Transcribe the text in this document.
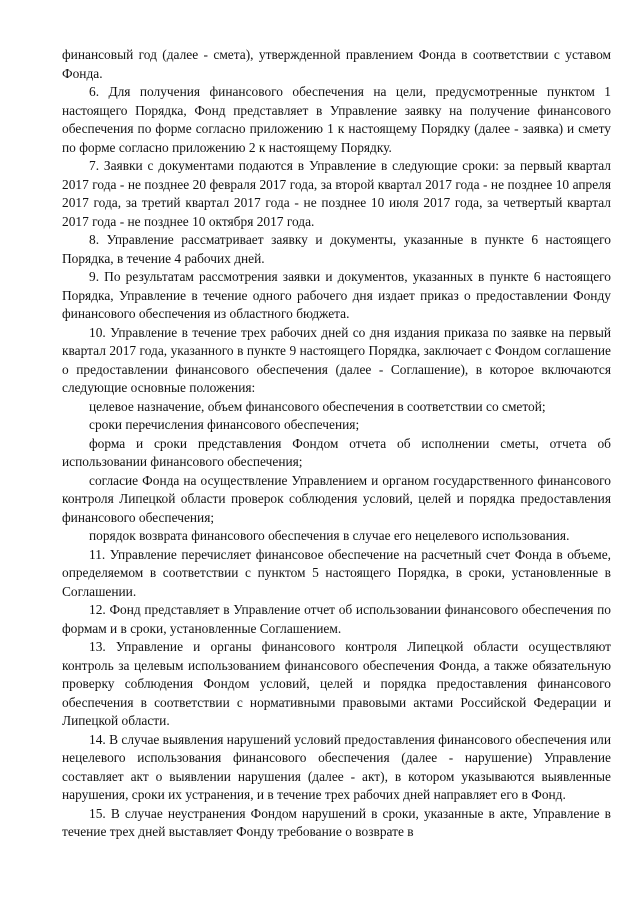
финансовый год (далее - смета), утвержденной правлением Фонда в соответствии с уставом Фонда.

6. Для получения финансового обеспечения на цели, предусмотренные пунктом 1 настоящего Порядка, Фонд представляет в Управление заявку на получение финансового обеспечения по форме согласно приложению 1 к настоящему Порядку (далее - заявка) и смету по форме согласно приложению 2 к настоящему Порядку.

7. Заявки с документами подаются в Управление в следующие сроки: за первый квартал 2017 года - не позднее 20 февраля 2017 года, за второй квартал 2017 года - не позднее 10 апреля 2017 года, за третий квартал 2017 года - не позднее 10 июля 2017 года, за четвертый квартал 2017 года - не позднее 10 октября 2017 года.

8. Управление рассматривает заявку и документы, указанные в пункте 6 настоящего Порядка, в течение 4 рабочих дней.

9. По результатам рассмотрения заявки и документов, указанных в пункте 6 настоящего Порядка, Управление в течение одного рабочего дня издает приказ о предоставлении Фонду финансового обеспечения из областного бюджета.

10. Управление в течение трех рабочих дней со дня издания приказа по заявке на первый квартал 2017 года, указанного в пункте 9 настоящего Порядка, заключает с Фондом соглашение о предоставлении финансового обеспечения (далее - Соглашение), в которое включаются следующие основные положения:

целевое назначение, объем финансового обеспечения в соответствии со сметой;

сроки перечисления финансового обеспечения;

форма и сроки представления Фондом отчета об исполнении сметы, отчета об использовании финансового обеспечения;

согласие Фонда на осуществление Управлением и органом государственного финансового контроля Липецкой области проверок соблюдения условий, целей и порядка предоставления финансового обеспечения;

порядок возврата финансового обеспечения в случае его нецелевого использования.

11. Управление перечисляет финансовое обеспечение на расчетный счет Фонда в объеме, определяемом в соответствии с пунктом 5 настоящего Порядка, в сроки, установленные в Соглашении.

12. Фонд представляет в Управление отчет об использовании финансового обеспечения по формам и в сроки, установленные Соглашением.

13. Управление и органы финансового контроля Липецкой области осуществляют контроль за целевым использованием финансового обеспечения Фонда, а также обязательную проверку соблюдения Фондом условий, целей и порядка предоставления финансового обеспечения в соответствии с нормативными правовыми актами Российской Федерации и Липецкой области.

14. В случае выявления нарушений условий предоставления финансового обеспечения или нецелевого использования финансового обеспечения (далее - нарушение) Управление составляет акт о выявлении нарушения (далее - акт), в котором указываются выявленные нарушения, сроки их устранения, и в течение трех рабочих дней направляет его в Фонд.

15. В случае неустранения Фондом нарушений в сроки, указанные в акте, Управление в течение трех дней выставляет Фонду требование о возврате в
